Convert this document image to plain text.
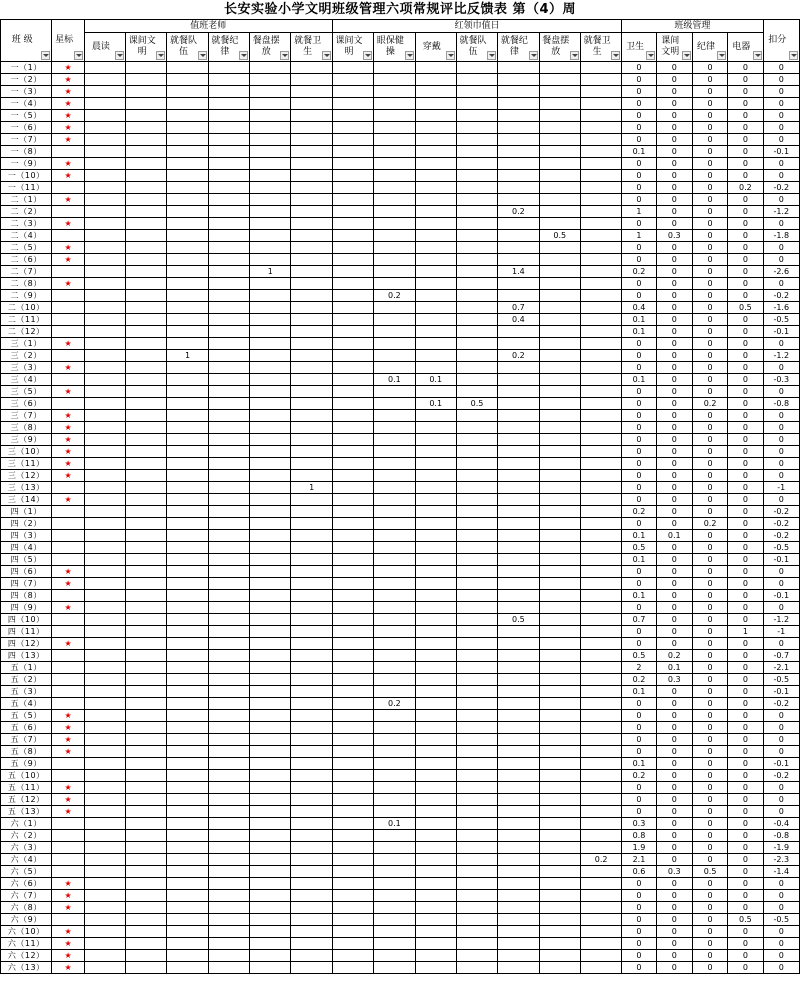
长安实验小学文明班级管理六项常规评比反馈表 第（4）周
班 级	星标	值班老师						红领巾值日							班级管理				扣分

		晨读	课间文明	就餐队伍	就餐纪律	餐盘摆放	就餐卫生	课间文明	眼保健操	穿戴	就餐队伍	就餐纪律	餐盘摆放	就餐卫生	卫生	课间文明	纪律	电器	

一（1）	★														0	0	0	0	0
一（2）	★														0	0	0	0	0
一（3）	★														0	0	0	0	0
一（4）	★														0	0	0	0	0
一（5）	★														0	0	0	0	0
一（6）	★														0	0	0	0	0
一（7）	★														0	0	0	0	0
一（8）															0.1	0	0	0	-0.1
一（9）	★														0	0	0	0	0
一（10）	★														0	0	0	0	0
一（11）															0	0	0	0.2	-0.2
二（1）	★														0	0	0	0	0
二（2）												0.2			1	0	0	0	-1.2
二（3）	★														0	0	0	0	0
二（4）													0.5		1	0.3	0	0	-1.8
二（5）	★														0	0	0	0	0
二（6）	★														0	0	0	0	0
二（7）						1						1.4			0.2	0	0	0	-2.6
二（8）	★														0	0	0	0	0
二（9）									0.2						0	0	0	0	-0.2
二（10）												0.7			0.4	0	0	0.5	-1.6
二（11）												0.4			0.1	0	0	0	-0.5
二（12）															0.1	0	0	0	-0.1
三（1）	★														0	0	0	0	0
三（2）				1								0.2			0	0	0	0	-1.2
三（3）	★														0	0	0	0	0
三（4）									0.1	0.1					0.1	0	0	0	-0.3
三（5）	★														0	0	0	0	0
三（6）										0.1	0.5				0	0	0.2	0	-0.8
三（7）	★														0	0	0	0	0
三（8）	★														0	0	0	0	0
三（9）	★														0	0	0	0	0
三（10）	★														0	0	0	0	0
三（11）	★														0	0	0	0	0
三（12）	★														0	0	0	0	0
三（13）							1								0	0	0	0	-1
三（14）	★														0	0	0	0	0
四（1）															0.2	0	0	0	-0.2
四（2）															0	0	0.2	0	-0.2
四（3）															0.1	0.1	0	0	-0.2
四（4）															0.5	0	0	0	-0.5
四（5）															0.1	0	0	0	-0.1
四（6）	★														0	0	0	0	0
四（7）	★														0	0	0	0	0
四（8）															0.1	0	0	0	-0.1
四（9）	★														0	0	0	0	0
四（10）												0.5			0.7	0	0	0	-1.2
四（11）															0	0	0	1	-1
四（12）	★														0	0	0	0	0
四（13）															0.5	0.2	0	0	-0.7
五（1）															2	0.1	0	0	-2.1
五（2）															0.2	0.3	0	0	-0.5
五（3）															0.1	0	0	0	-0.1
五（4）									0.2						0	0	0	0	-0.2
五（5）	★														0	0	0	0	0
五（6）	★														0	0	0	0	0
五（7）	★														0	0	0	0	0
五（8）	★														0	0	0	0	0
五（9）															0.1	0	0	0	-0.1
五（10）															0.2	0	0	0	-0.2
五（11）	★														0	0	0	0	0
五（12）	★														0	0	0	0	0
五（13）	★														0	0	0	0	0
六（1）									0.1						0.3	0	0	0	-0.4
六（2）															0.8	0	0	0	-0.8
六（3）															1.9	0	0	0	-1.9
六（4）														0.2	2.1	0	0	0	-2.3
六（5）															0.6	0.3	0.5	0	-1.4
六（6）	★														0	0	0	0	0
六（7）	★														0	0	0	0	0
六（8）	★														0	0	0	0	0
六（9）															0	0	0	0.5	-0.5
六（10）	★														0	0	0	0	0
六（11）	★														0	0	0	0	0
六（12）	★														0	0	0	0	0
六（13）	★														0	0	0	0	0
